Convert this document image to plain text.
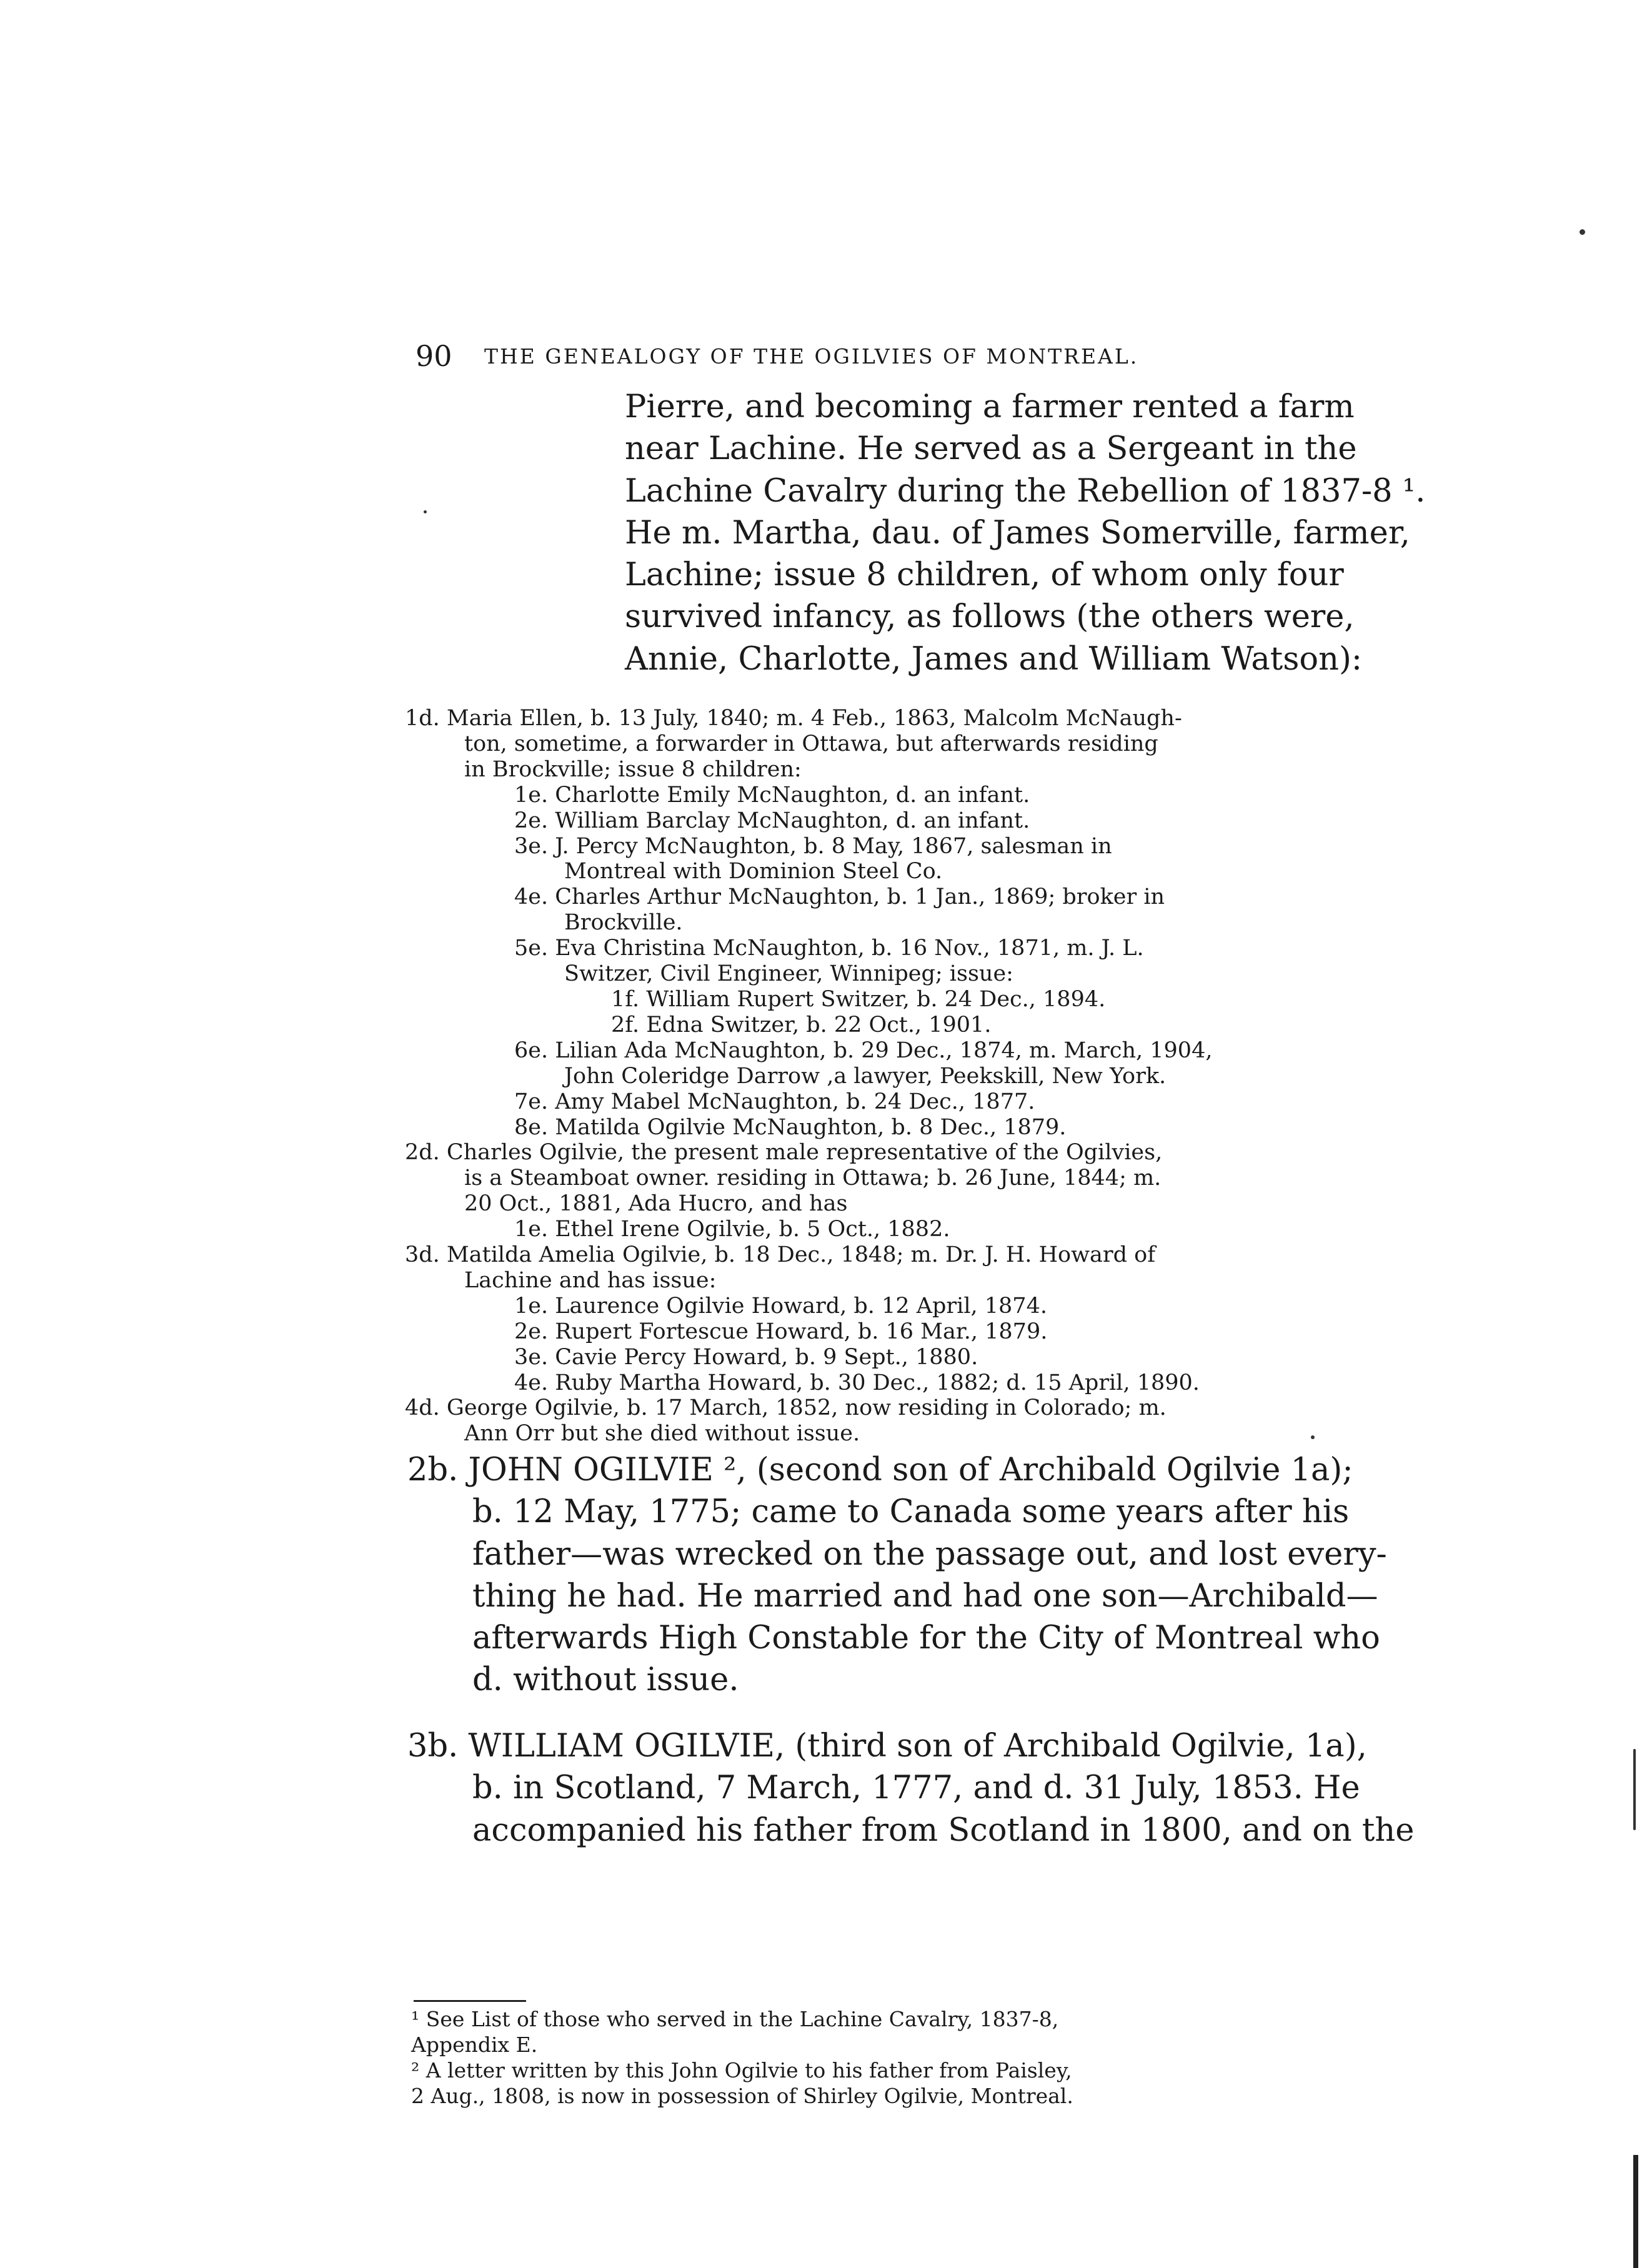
90 THE GENEALOGY OF THE OGILVIES OF MONTREAL.
Pierre, and becoming a farmer rented a farm
near Lachine. He served as a Sergeant in the
Lachine Cavalry during the Rebellion of 1837-8 ¹.
He m. Martha, dau. of James Somerville, farmer,
Lachine; issue 8 children, of whom only four
survived infancy, as follows (the others were,
Annie, Charlotte, James and William Watson):
1d. Maria Ellen, b. 13 July, 1840; m. 4 Feb., 1863, Malcolm McNaugh-
ton, sometime, a forwarder in Ottawa, but afterwards residing
in Brockville; issue 8 children:
1e. Charlotte Emily McNaughton, d. an infant.
2e. William Barclay McNaughton, d. an infant.
3e. J. Percy McNaughton, b. 8 May, 1867, salesman in
Montreal with Dominion Steel Co.
4e. Charles Arthur McNaughton, b. 1 Jan., 1869; broker in
Brockville.
5e. Eva Christina McNaughton, b. 16 Nov., 1871, m. J. L.
Switzer, Civil Engineer, Winnipeg; issue:
1f. William Rupert Switzer, b. 24 Dec., 1894.
2f. Edna Switzer, b. 22 Oct., 1901.
6e. Lilian Ada McNaughton, b. 29 Dec., 1874, m. March, 1904,
John Coleridge Darrow ,a lawyer, Peekskill, New York.
7e. Amy Mabel McNaughton, b. 24 Dec., 1877.
8e. Matilda Ogilvie McNaughton, b. 8 Dec., 1879.
2d. Charles Ogilvie, the present male representative of the Ogilvies,
is a Steamboat owner. residing in Ottawa; b. 26 June, 1844; m.
20 Oct., 1881, Ada Hucro, and has
1e. Ethel Irene Ogilvie, b. 5 Oct., 1882.
3d. Matilda Amelia Ogilvie, b. 18 Dec., 1848; m. Dr. J. H. Howard of
Lachine and has issue:
1e. Laurence Ogilvie Howard, b. 12 April, 1874.
2e. Rupert Fortescue Howard, b. 16 Mar., 1879.
3e. Cavie Percy Howard, b. 9 Sept., 1880.
4e. Ruby Martha Howard, b. 30 Dec., 1882; d. 15 April, 1890.
4d. George Ogilvie, b. 17 March, 1852, now residing in Colorado; m.
Ann Orr but she died without issue.
2b. JOHN OGILVIE ², (second son of Archibald Ogilvie 1a);
b. 12 May, 1775; came to Canada some years after his
father—was wrecked on the passage out, and lost every-
thing he had. He married and had one son—Archibald—
afterwards High Constable for the City of Montreal who
d. without issue.
3b. WILLIAM OGILVIE, (third son of Archibald Ogilvie, 1a),
b. in Scotland, 7 March, 1777, and d. 31 July, 1853. He
accompanied his father from Scotland in 1800, and on the
¹ See List of those who served in the Lachine Cavalry, 1837-8,
Appendix E.
² A letter written by this John Ogilvie to his father from Paisley,
2 Aug., 1808, is now in possession of Shirley Ogilvie, Montreal.
